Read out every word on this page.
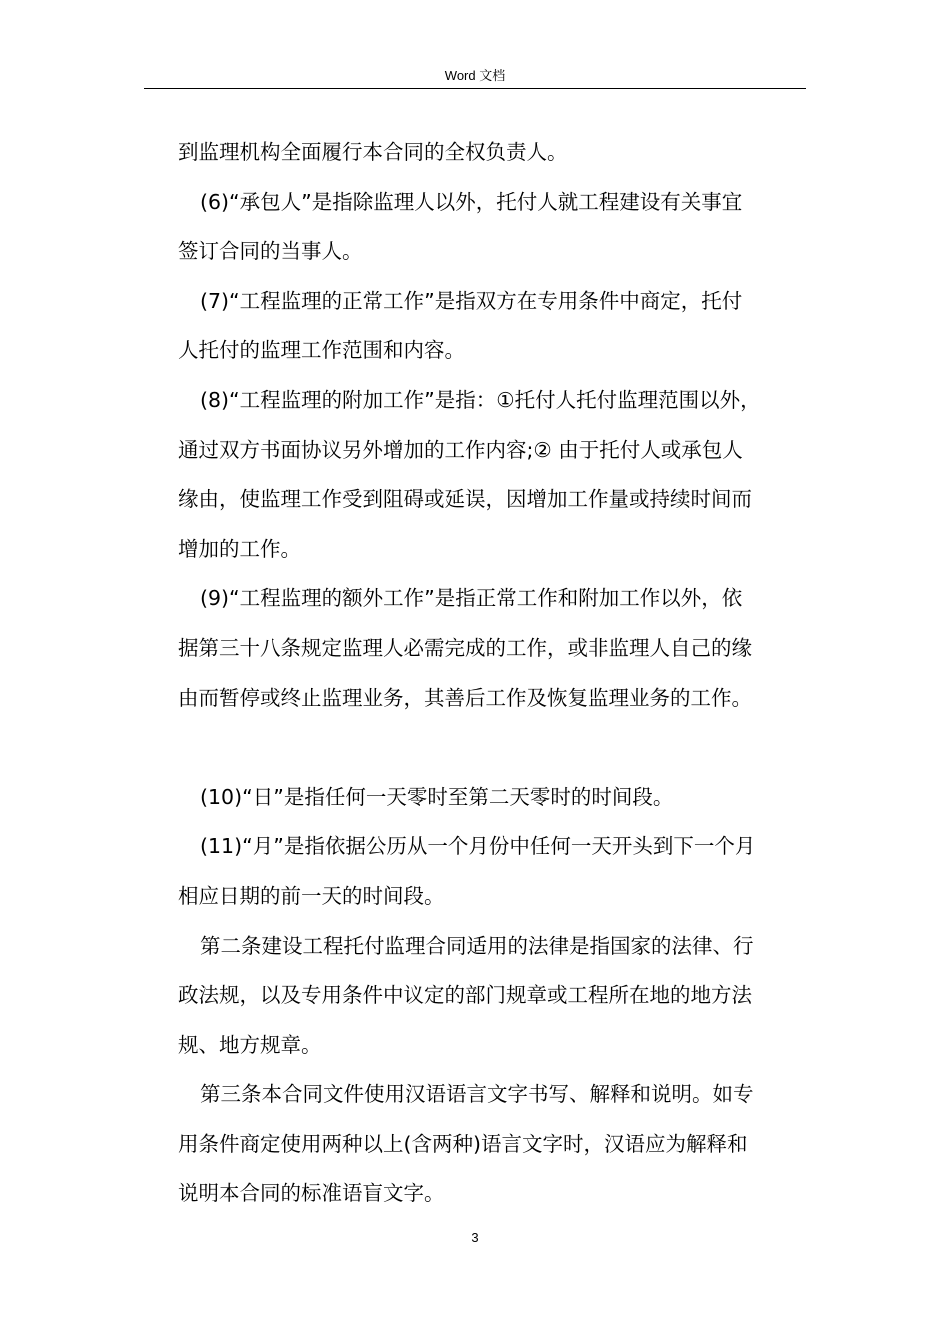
Word 文档

到监理机构全面履行本合同的全权负责人。

(6)“承包人”是指除监理人以外，托付人就工程建设有关事宜
签订合同的当事人。

(7)“工程监理的正常工作”是指双方在专用条件中商定，托付
人托付的监理工作范围和内容。

(8)“工程监理的附加工作”是指：①托付人托付监理范围以外，
通过双方书面协议另外增加的工作内容;② 由于托付人或承包人
缘由，使监理工作受到阻碍或延误，因增加工作量或持续时间而
增加的工作。

(9)“工程监理的额外工作”是指正常工作和附加工作以外，依
据第三十八条规定监理人必需完成的工作，或非监理人自己的缘
由而暂停或终止监理业务，其善后工作及恢复监理业务的工作。

(10)“日”是指任何一天零时至第二天零时的时间段。

(11)“月”是指依据公历从一个月份中任何一天开头到下一个月
相应日期的前一天的时间段。

第二条建设工程托付监理合同适用的法律是指国家的法律、行
政法规，以及专用条件中议定的部门规章或工程所在地的地方法
规、地方规章。

第三条本合同文件使用汉语语言文字书写、解释和说明。如专
用条件商定使用两种以上(含两种)语言文字时，汉语应为解释和
说明本合同的标准语盲文字。

3
